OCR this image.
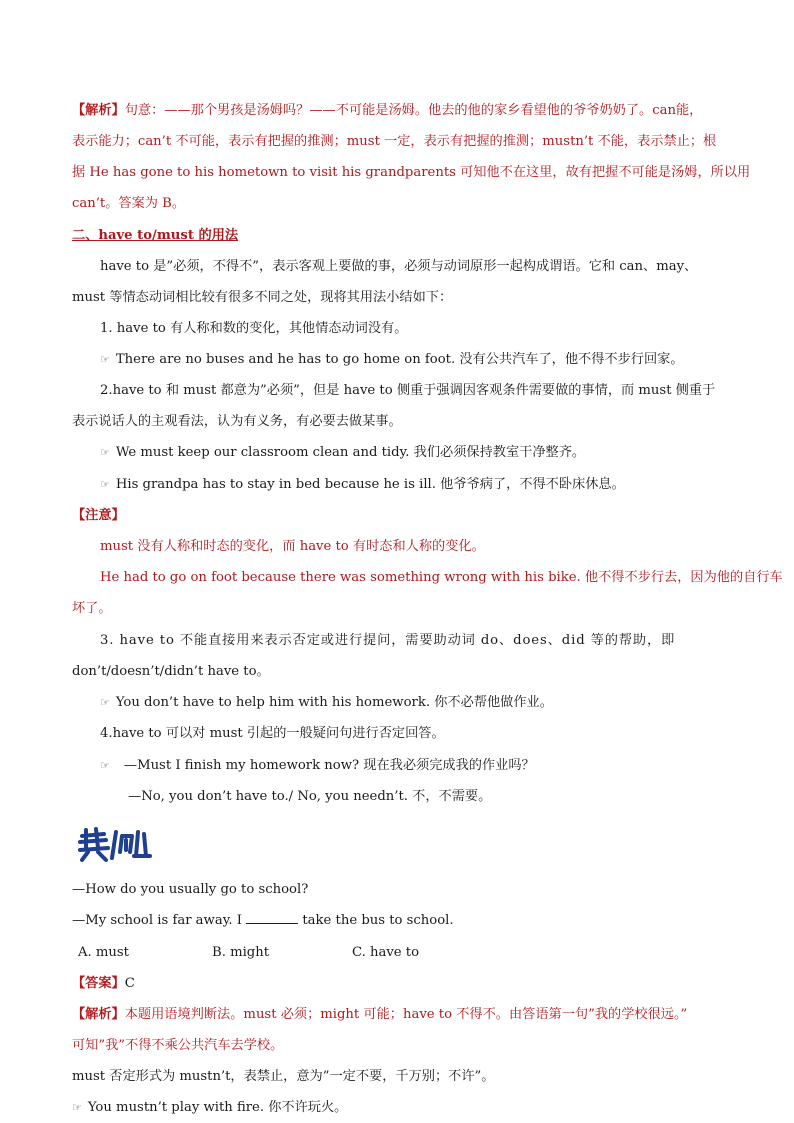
【解析】句意：——那个男孩是汤姆吗？——不可能是汤姆。他去的他的家乡看望他的爷爷奶奶了。can能，
表示能力；can’t 不可能，表示有把握的推测；must 一定，表示有把握的推测；mustn’t 不能，表示禁止；根
据 He has gone to his hometown to visit his grandparents 可知他不在这里，故有把握不可能是汤姆，所以用
can’t。答案为 B。
二、have to/must 的用法
have to 是”必须，不得不”，表示客观上要做的事，必须与动词原形一起构成谓语。它和 can、may、
must 等情态动词相比较有很多不同之处，现将其用法小结如下：
1. have to 有人称和数的变化，其他情态动词没有。
☞ There are no buses and he has to go home on foot. 没有公共汽车了，他不得不步行回家。
2.have to 和 must 都意为”必须”，但是 have to 侧重于强调因客观条件需要做的事情，而 must 侧重于
表示说话人的主观看法，认为有义务，有必要去做某事。
☞ We must keep our classroom clean and tidy. 我们必须保持教室干净整齐。
☞ His grandpa has to stay in bed because he is ill. 他爷爷病了，不得不卧床休息。
【注意】
must 没有人称和时态的变化，而 have to 有时态和人称的变化。
He had to go on foot because there was something wrong with his bike. 他不得不步行去，因为他的自行车
坏了。
3. have to 不能直接用来表示否定或进行提问，需要助动词 do、does、did 等的帮助，即
don’t/doesn’t/didn’t have to。
☞ You don’t have to help him with his homework. 你不必帮他做作业。
4.have to 可以对 must 引起的一般疑问句进行否定回答。
☞ —Must I finish my homework now? 现在我必须完成我的作业吗？
—No, you don’t have to./ No, you needn’t. 不，不需要。
—How do you usually go to school?
—My school is far away. I	take the bus to school.
A. must	B. might	C. have to
【答案】C
【解析】本题用语境判断法。must 必须；might 可能；have to 不得不。由答语第一句”我的学校很远。”
可知”我”不得不乘公共汽车去学校。
must 否定形式为 mustn’t，表禁止，意为”一定不要，千万别；不许”。
☞ You mustn’t play with fire. 你不许玩火。
